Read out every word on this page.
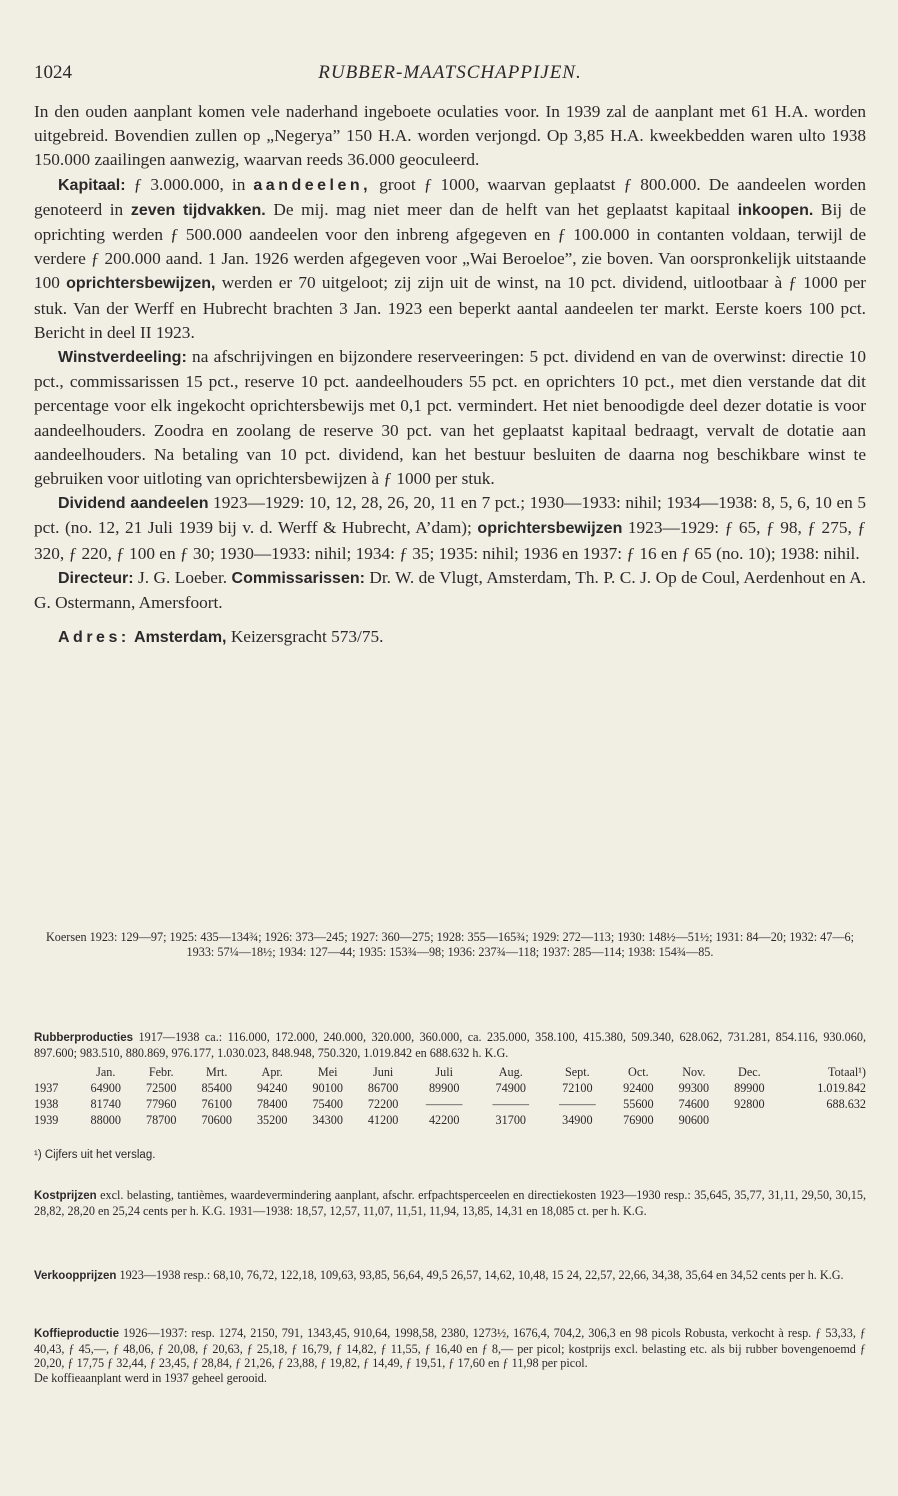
1024	RUBBER-MAATSCHAPPIJEN.

In den ouden aanplant komen vele naderhand ingeboete oculaties voor. In 1939 zal de aanplant met 61 H.A. worden uitgebreid. Bovendien zullen op „Negerya” 150 H.A. worden verjongd. Op 3,85 H.A. kweekbedden waren ulto 1938 150.000 zaailingen aanwezig, waarvan reeds 36.000 geoculeerd.

Kapitaal: ƒ 3.000.000, in aandeelen, groot ƒ 1000, waarvan geplaatst ƒ 800.000. De aandeelen worden genoteerd in zeven tijdvakken. De mij. mag niet meer dan de helft van het geplaatst kapitaal inkoopen. Bij de oprichting werden ƒ 500.000 aandeelen voor den inbreng afgegeven en ƒ 100.000 in contanten voldaan, terwijl de verdere ƒ 200.000 aand. 1 Jan. 1926 werden afgegeven voor „Wai Beroeloe”, zie boven. Van oorspronkelijk uitstaande 100 oprichtersbewijzen, werden er 70 uitgeloot; zij zijn uit de winst, na 10 pct. dividend, uitlootbaar à ƒ 1000 per stuk. Van der Werff en Hubrecht brachten 3 Jan. 1923 een beperkt aantal aandeelen ter markt. Eerste koers 100 pct. Bericht in deel II 1923.

Winstverdeeling: na afschrijvingen en bijzondere reserveeringen: 5 pct. dividend en van de overwinst: directie 10 pct., commissarissen 15 pct., reserve 10 pct. aandeelhouders 55 pct. en oprichters 10 pct., met dien verstande dat dit percentage voor elk ingekocht oprichtersbewijs met 0,1 pct. vermindert. Het niet benoodigde deel dezer dotatie is voor aandeelhouders. Zoodra en zoolang de reserve 30 pct. van het geplaatst kapitaal bedraagt, vervalt de dotatie aan aandeelhouders. Na betaling van 10 pct. dividend, kan het bestuur besluiten de daarna nog beschikbare winst te gebruiken voor uitloting van oprichtersbewijzen à ƒ 1000 per stuk.

Dividend aandeelen 1923—1929: 10, 12, 28, 26, 20, 11 en 7 pct.; 1930—1933: nihil; 1934—1938: 8, 5, 6, 10 en 5 pct. (no. 12, 21 Juli 1939 bij v. d. Werff & Hubrecht, A’dam); oprichtersbewijzen 1923—1929: ƒ 65, ƒ 98, ƒ 275, ƒ 320, ƒ 220, ƒ 100 en ƒ 30; 1930—1933: nihil; 1934: ƒ 35; 1935: nihil; 1936 en 1937: ƒ 16 en ƒ 65 (no. 10); 1938: nihil.

Directeur: J. G. Loeber. Commissarissen: Dr. W. de Vlugt, Amsterdam, Th. P. C. J. Op de Coul, Aerdenhout en A. G. Ostermann, Amersfoort.

Adres: Amsterdam, Keizersgracht 573/75.

Koersen 1923: 129—97; 1925: 435—134¾; 1926: 373—245; 1927: 360—275; 1928: 355—165¾; 1929: 272—113; 1930: 148½—51½; 1931: 84—20; 1932: 47—6; 1933: 57¼—18½; 1934: 127—44; 1935: 153¾—98; 1936: 237¾—118; 1937: 285—114; 1938: 154¾—85.

Rubberproducties 1917—1938 ca.: 116.000, 172.000, 240.000, 320.000, 360.000, ca. 235.000, 358.100, 415.380, 509.340, 628.062, 731.281, 854.116, 930.060, 897.600; 983.510, 880.869, 976.177, 1.030.023, 848.948, 750.320, 1.019.842 en 688.632 h. K.G.

	Jan.	Febr.	Mrt.	Apr.	Mei	Juni	Juli	Aug.	Sept.	Oct.	Nov.	Dec.	Totaal¹)
1937	64900	72500	85400	94240	90100	86700	89900	74900	72100	92400	99300	89900	1.019.842
1938	81740	77960	76100	78400	75400	72200	———	———	———	55600	74600	92800	688.632
1939	88000	78700	70600	35200	34300	41200	42200	31700	34900	76900	90600		

¹) Cijfers uit het verslag.

Kostprijzen excl. belasting, tantièmes, waardevermindering aanplant, afschr. erfpachtsperceelen en directiekosten 1923—1930 resp.: 35,645, 35,77, 31,11, 29,50, 30,15, 28,82, 28,20 en 25,24 cents per h. K.G. 1931—1938: 18,57, 12,57, 11,07, 11,51, 11,94, 13,85, 14,31 en 18,085 ct. per h. K.G.

Verkoopprijzen 1923—1938 resp.: 68,10, 76,72, 122,18, 109,63, 93,85, 56,64, 49,5 26,57, 14,62, 10,48, 15 24, 22,57, 22,66, 34,38, 35,64 en 34,52 cents per h. K.G.

Koffieproductie 1926—1937: resp. 1274, 2150, 791, 1343,45, 910,64, 1998,58, 2380, 1273½, 1676,4, 704,2, 306,3 en 98 picols Robusta, verkocht à resp. ƒ 53,33, ƒ 40,43, ƒ 45,—, ƒ 48,06, ƒ 20,08, ƒ 20,63, ƒ 25,18, ƒ 16,79, ƒ 14,82, ƒ 11,55, ƒ 16,40 en ƒ 8,— per picol; kostprijs excl. belasting etc. als bij rubber bovengenoemd ƒ 20,20, ƒ 17,75 ƒ 32,44, ƒ 23,45, ƒ 28,84, ƒ 21,26, ƒ 23,88, ƒ 19,82, ƒ 14,49, ƒ 19,51, ƒ 17,60 en ƒ 11,98 per picol.

De koffieaanplant werd in 1937 geheel gerooid.
